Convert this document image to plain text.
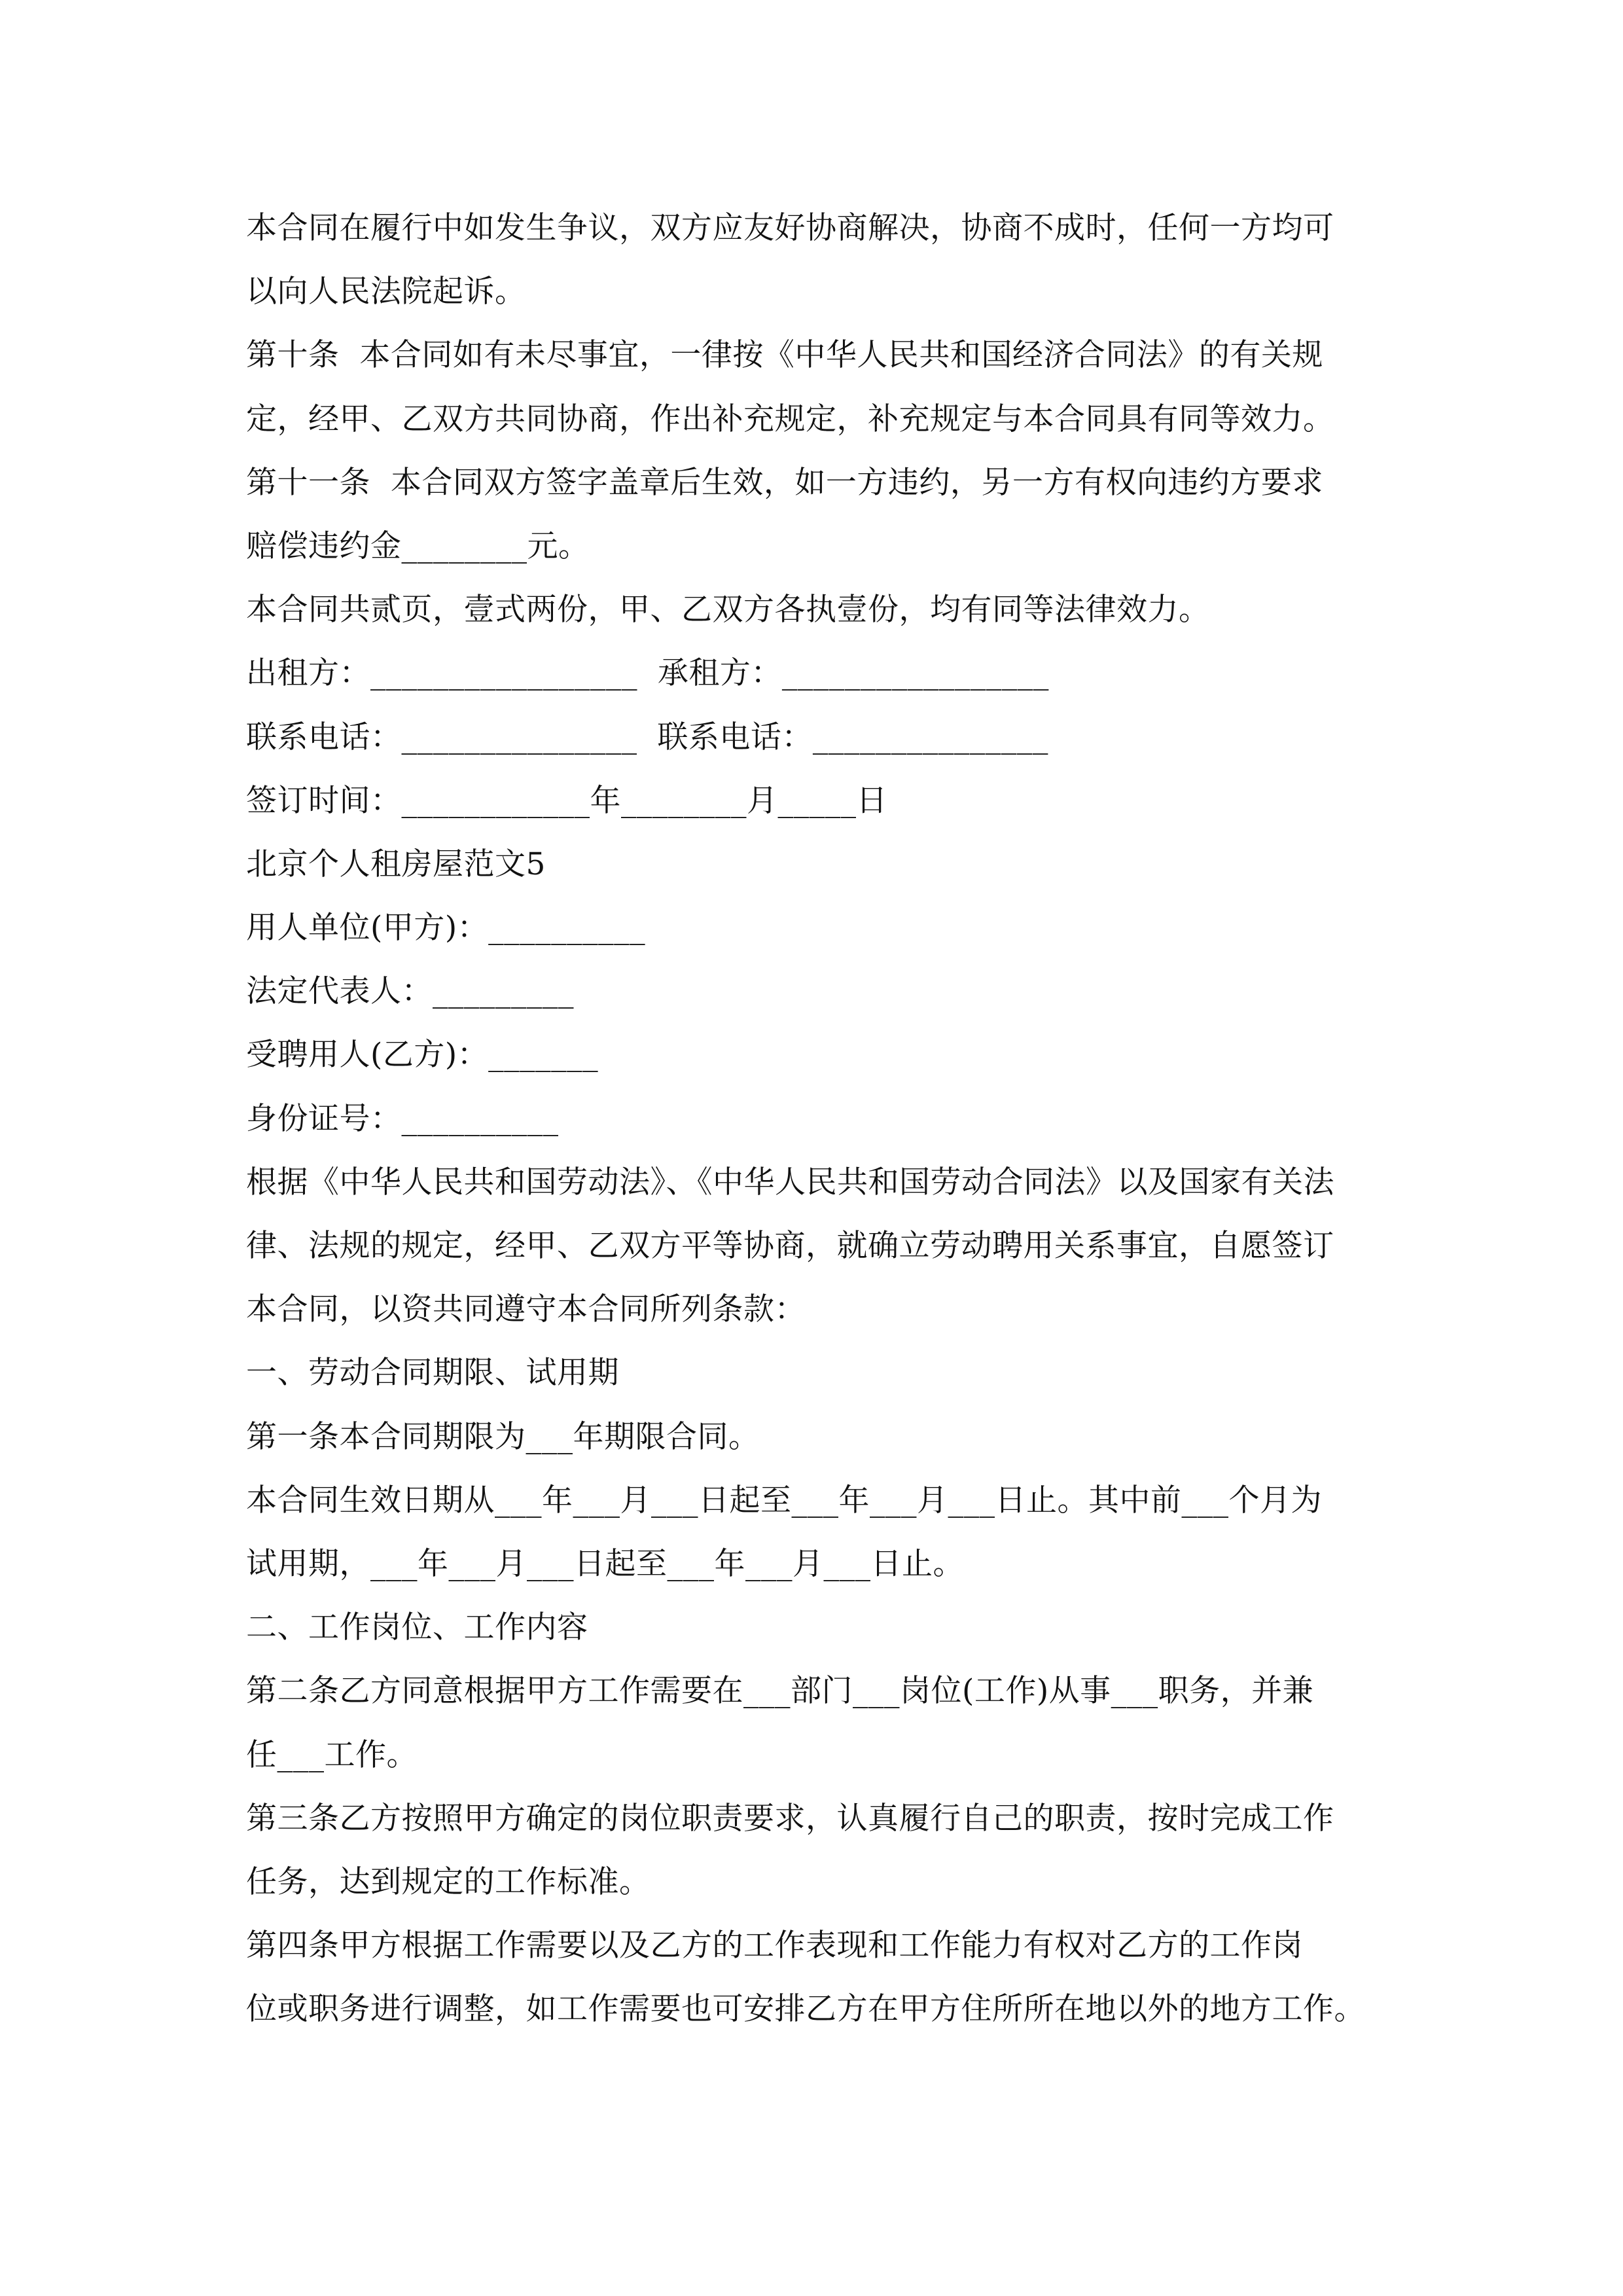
本合同在履行中如发生争议，双方应友好协商解决，协商不成时，任何一方均可
以向人民法院起诉。
第十条  本合同如有未尽事宜，一律按《中华人民共和国经济合同法》的有关规
定，经甲、乙双方共同协商，作出补充规定，补充规定与本合同具有同等效力。
第十一条  本合同双方签字盖章后生效，如一方违约，另一方有权向违约方要求
赔偿违约金________元。
本合同共贰页，壹式两份，甲、乙双方各执壹份，均有同等法律效力。
出租方：_________________  承租方：_________________
联系电话：_______________  联系电话：_______________
签订时间：____________年________月_____日
北京个人租房屋范文5
用人单位(甲方)：__________
法定代表人：_________
受聘用人(乙方)：_______
身份证号：__________
根据《中华人民共和国劳动法》、《中华人民共和国劳动合同法》以及国家有关法
律、法规的规定，经甲、乙双方平等协商，就确立劳动聘用关系事宜，自愿签订
本合同，以资共同遵守本合同所列条款：
一、劳动合同期限、试用期
第一条本合同期限为___年期限合同。
本合同生效日期从___年___月___日起至___年___月___日止。其中前___个月为
试用期，___年___月___日起至___年___月___日止。
二、工作岗位、工作内容
第二条乙方同意根据甲方工作需要在___部门___岗位(工作)从事___职务，并兼
任___工作。
第三条乙方按照甲方确定的岗位职责要求，认真履行自己的职责，按时完成工作
任务，达到规定的工作标准。
第四条甲方根据工作需要以及乙方的工作表现和工作能力有权对乙方的工作岗
位或职务进行调整，如工作需要也可安排乙方在甲方住所所在地以外的地方工作。
